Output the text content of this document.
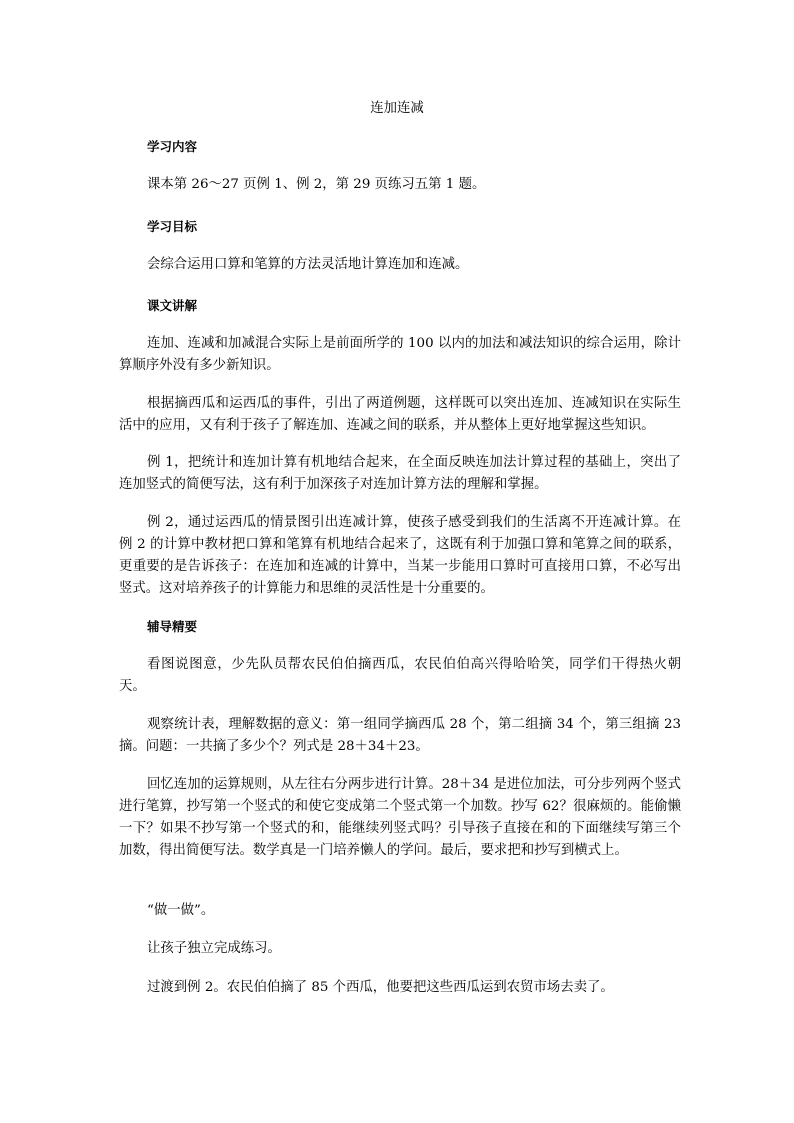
连加连减
学习内容
课本第 26～27 页例 1、例 2，第 29 页练习五第 1 题。
学习目标
会综合运用口算和笔算的方法灵活地计算连加和连减。
课文讲解
连加、连减和加减混合实际上是前面所学的 100 以内的加法和减法知识的综合运用，除计算顺序外没有多少新知识。
根据摘西瓜和运西瓜的事件，引出了两道例题，这样既可以突出连加、连减知识在实际生活中的应用，又有利于孩子了解连加、连减之间的联系，并从整体上更好地掌握这些知识。
例 1，把统计和连加计算有机地结合起来，在全面反映连加法计算过程的基础上，突出了连加竖式的简便写法，这有利于加深孩子对连加计算方法的理解和掌握。
例 2，通过运西瓜的情景图引出连减计算，使孩子感受到我们的生活离不开连减计算。在例 2 的计算中教材把口算和笔算有机地结合起来了，这既有利于加强口算和笔算之间的联系，更重要的是告诉孩子：在连加和连减的计算中，当某一步能用口算时可直接用口算，不必写出竖式。这对培养孩子的计算能力和思维的灵活性是十分重要的。
辅导精要
看图说图意，少先队员帮农民伯伯摘西瓜，农民伯伯高兴得哈哈笑，同学们干得热火朝天。
观察统计表，理解数据的意义：第一组同学摘西瓜 28 个，第二组摘 34 个，第三组摘 23 摘。问题：一共摘了多少个？列式是 28＋34＋23。
回忆连加的运算规则，从左往右分两步进行计算。28＋34 是进位加法，可分步列两个竖式进行笔算，抄写第一个竖式的和使它变成第二个竖式第一个加数。抄写 62？很麻烦的。能偷懒一下？如果不抄写第一个竖式的和，能继续列竖式吗？引导孩子直接在和的下面继续写第三个加数，得出简便写法。数学真是一门培养懒人的学问。最后，要求把和抄写到横式上。
“做一做”。
让孩子独立完成练习。
过渡到例 2。农民伯伯摘了 85 个西瓜，他要把这些西瓜运到农贸市场去卖了。
